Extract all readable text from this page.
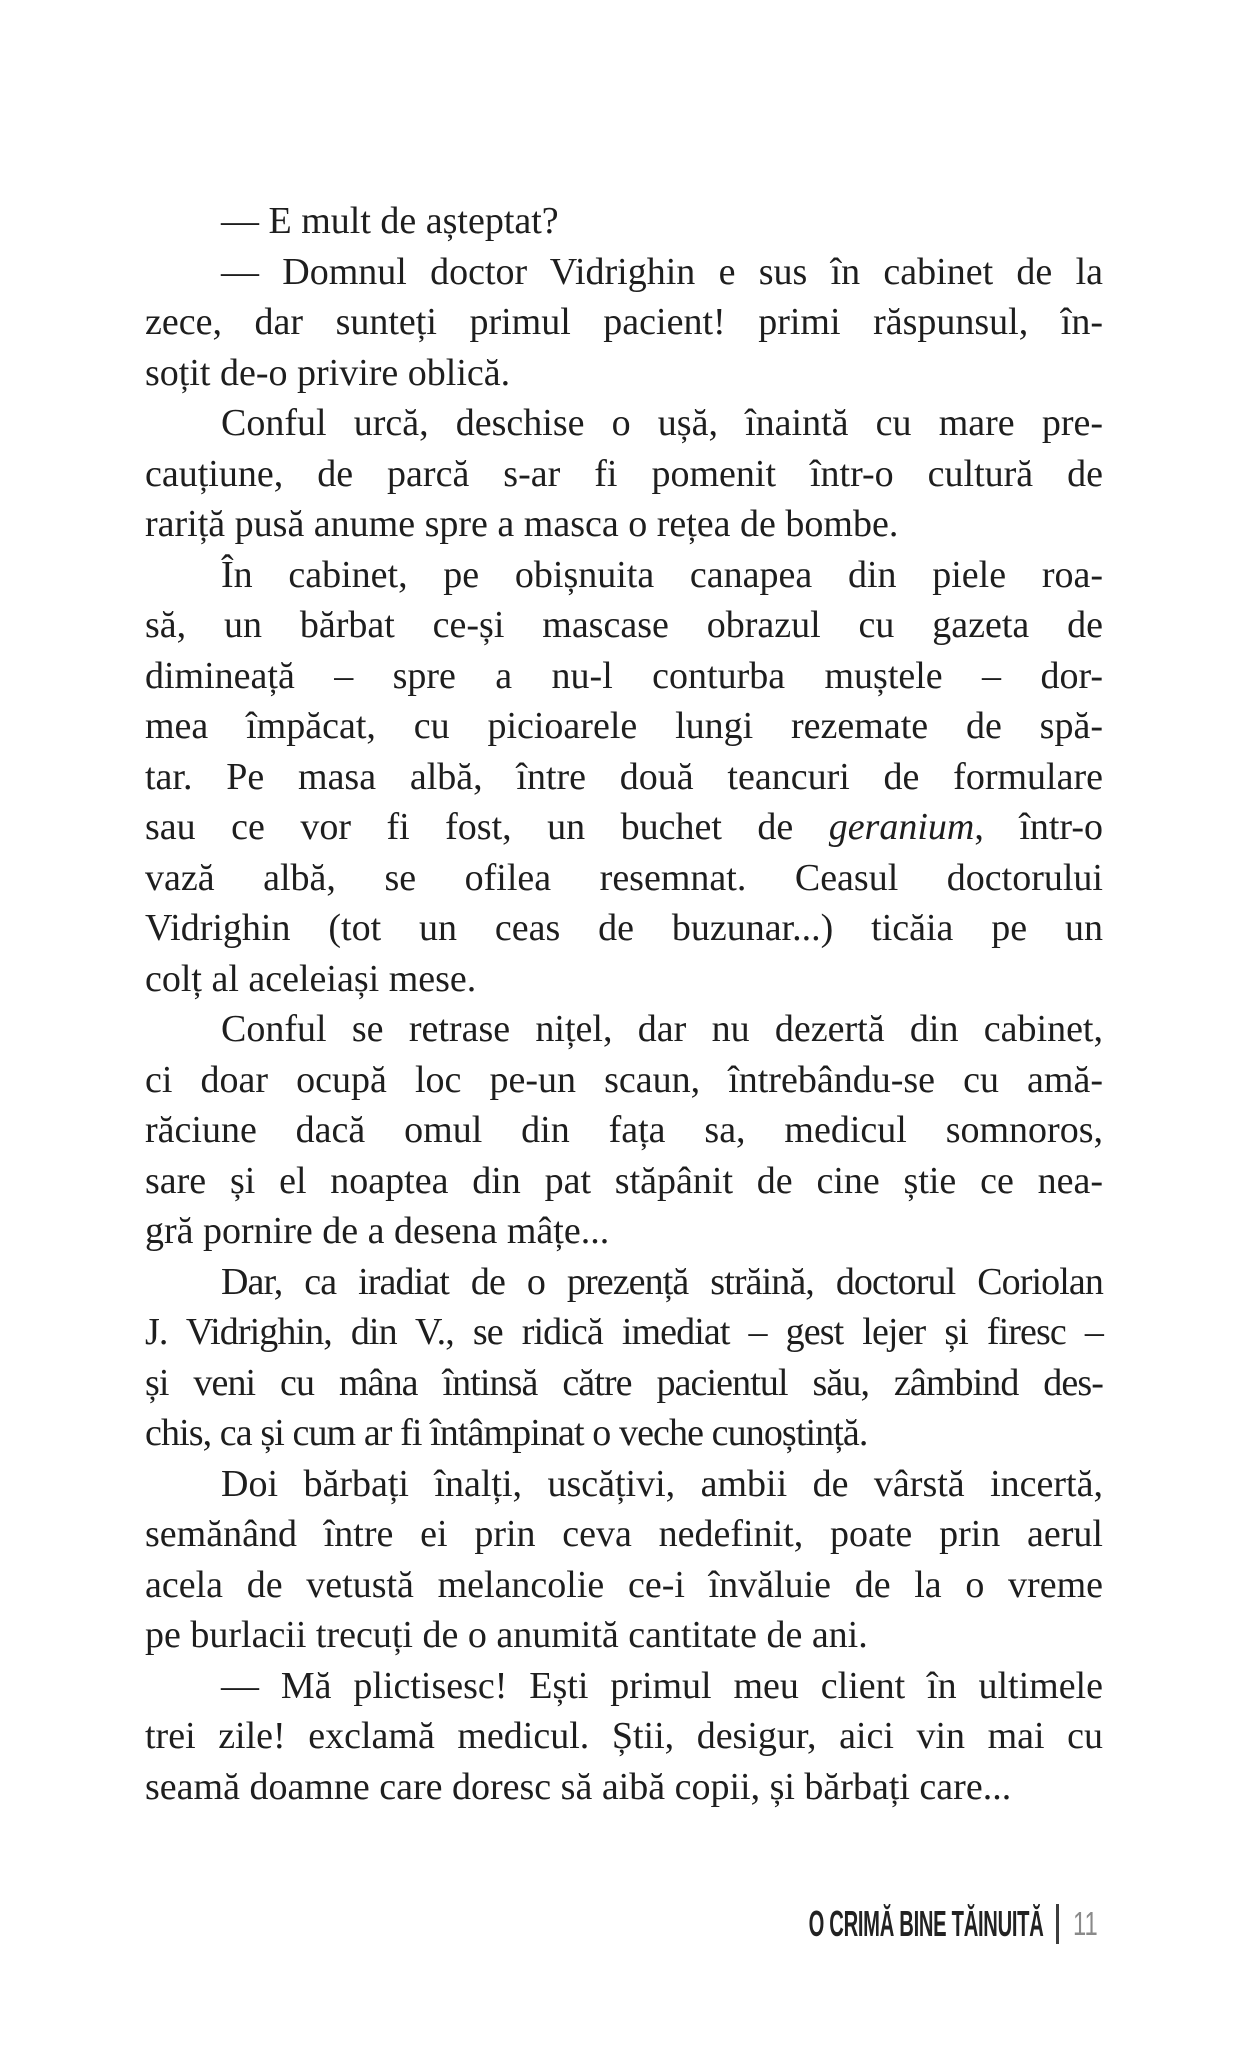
— E mult de așteptat?
— Domnul doctor Vidrighin e sus în cabinet de la
zece, dar sunteți primul pacient! primi răspunsul, în-
soțit de-o privire oblică.
Conful urcă, deschise o ușă, înaintă cu mare pre-
cauțiune, de parcă s-ar fi pomenit într-o cultură de
rariță pusă anume spre a masca o rețea de bombe.
În cabinet, pe obișnuita canapea din piele roa-
să, un bărbat ce-și mascase obrazul cu gazeta de
dimineață – spre a nu-l conturba muștele – dor-
mea împăcat, cu picioarele lungi rezemate de spă-
tar. Pe masa albă, între două teancuri de formulare
sau ce vor fi fost, un buchet de geranium, într-o
vază albă, se ofilea resemnat. Ceasul doctorului
Vidrighin (tot un ceas de buzunar...) ticăia pe un
colț al aceleiași mese.
Conful se retrase nițel, dar nu dezertă din cabinet,
ci doar ocupă loc pe-un scaun, întrebându-se cu amă-
răciune dacă omul din fața sa, medicul somnoros,
sare și el noaptea din pat stăpânit de cine știe ce nea-
gră pornire de a desena mâțe...
Dar, ca iradiat de o prezență străină, doctorul Coriolan
J. Vidrighin, din V., se ridică imediat – gest lejer și firesc –
și veni cu mâna întinsă către pacientul său, zâmbind des-
chis, ca și cum ar fi întâmpinat o veche cunoștință.
Doi bărbați înalți, uscățivi, ambii de vârstă incertă,
semănând între ei prin ceva nedefinit, poate prin aerul
acela de vetustă melancolie ce-i învăluie de la o vreme
pe burlacii trecuți de o anumită cantitate de ani.
— Mă plictisesc! Ești primul meu client în ultimele
trei zile! exclamă medicul. Știi, desigur, aici vin mai cu
seamă doamne care doresc să aibă copii, și bărbați care...
O CRIMĂ BINE TĂINUITĂ 11
